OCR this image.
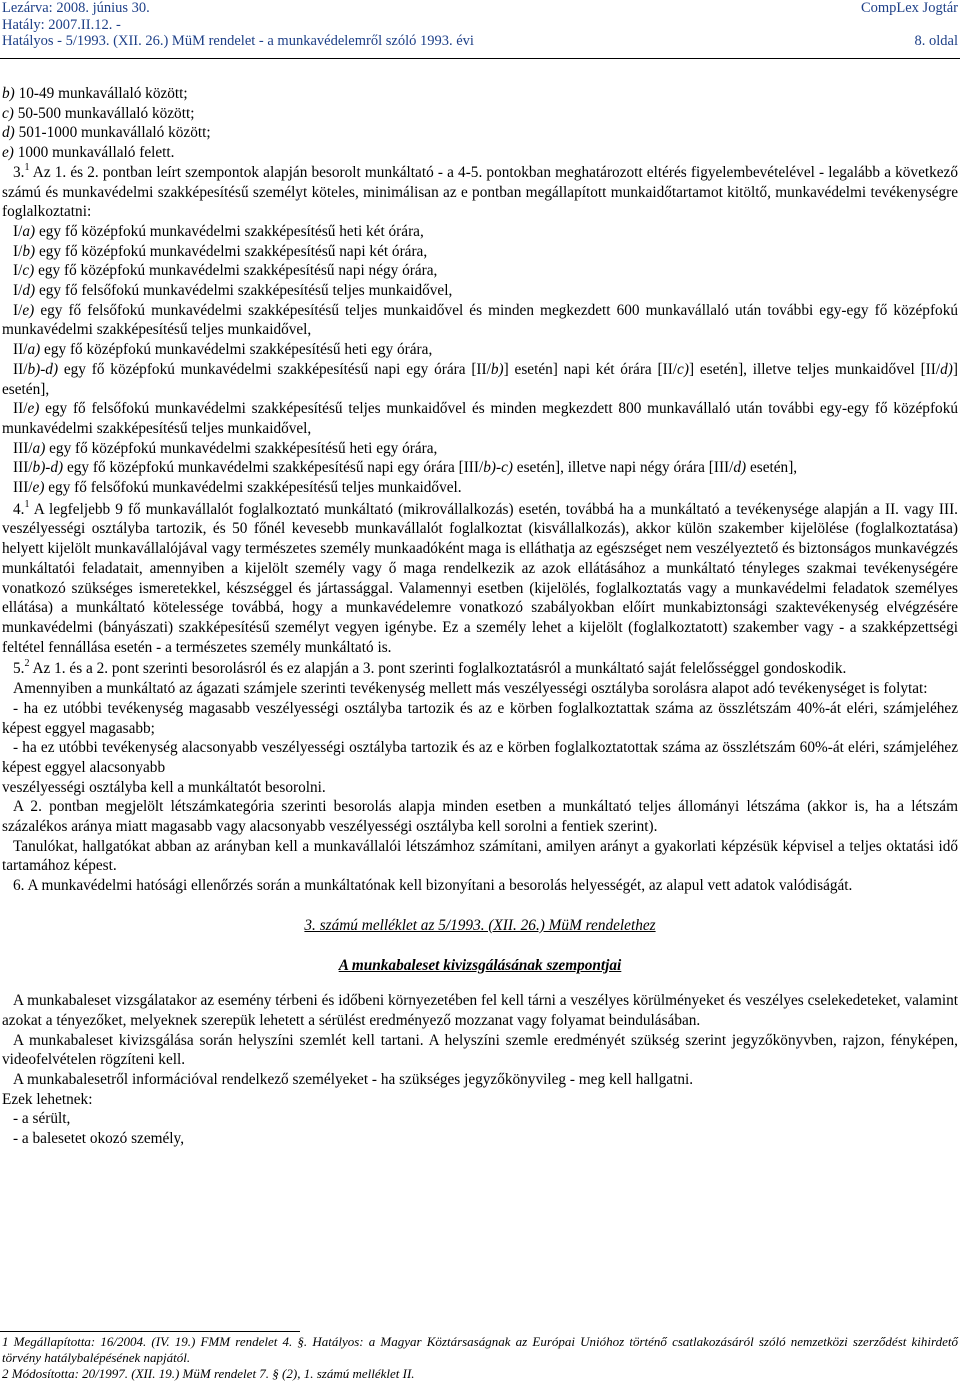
Lezárva: 2008. június 30.	CompLex Jogtár
Hatály: 2007.II.12. -
Hatályos - 5/1993. (XII. 26.) MüM rendelet - a munkavédelemről szóló 1993. évi	8. oldal

b) 10-49 munkavállaló között;

c) 50-500 munkavállaló között;

d) 501-1000 munkavállaló között;

e) 1000 munkavállaló felett.

3.$^1$ Az 1. és 2. pontban leírt szempontok alapján besorolt munkáltató - a 4-5. pontokban meghatározott eltérés figyelembevételével - legalább a következő számú és munkavédelmi szakképesítésű személyt köteles, minimálisan az e pontban megállapított munkaidőtartamot kitöltő, munkavédelmi tevékenységre foglalkoztatni:

I/a) egy fő középfokú munkavédelmi szakképesítésű heti két órára,

I/b) egy fő középfokú munkavédelmi szakképesítésű napi két órára,

I/c) egy fő középfokú munkavédelmi szakképesítésű napi négy órára,

I/d) egy fő felsőfokú munkavédelmi szakképesítésű teljes munkaidővel,

I/e) egy fő felsőfokú munkavédelmi szakképesítésű teljes munkaidővel és minden megkezdett 600 munkavállaló után további egy-egy fő középfokú munkavédelmi szakképesítésű teljes munkaidővel,

II/a) egy fő középfokú munkavédelmi szakképesítésű heti egy órára,

II/b)-d) egy fő középfokú munkavédelmi szakképesítésű napi egy órára [II/b)] esetén] napi két órára [II/c)] esetén], illetve teljes munkaidővel [II/d)] esetén],

II/e) egy fő felsőfokú munkavédelmi szakképesítésű teljes munkaidővel és minden megkezdett 800 munkavállaló után további egy-egy fő középfokú munkavédelmi szakképesítésű teljes munkaidővel,

III/a) egy fő középfokú munkavédelmi szakképesítésű heti egy órára,

III/b)-d) egy fő középfokú munkavédelmi szakképesítésű napi egy órára [III/b)-c) esetén], illetve napi négy órára [III/d) esetén],

III/e) egy fő felsőfokú munkavédelmi szakképesítésű teljes munkaidővel.

4.$^1$ A legfeljebb 9 fő munkavállalót foglalkoztató munkáltató (mikrovállalkozás) esetén, továbbá ha a munkáltató a tevékenysége alapján a II. vagy III. veszélyességi osztályba tartozik, és 50 főnél kevesebb munkavállalót foglalkoztat (kisvállalkozás), akkor külön szakember kijelölése (foglalkoztatása) helyett kijelölt munkavállalójával vagy természetes személy munkaadóként maga is elláthatja az egészséget nem veszélyeztető és biztonságos munkavégzés munkáltatói feladatait, amennyiben a kijelölt személy vagy ő maga rendelkezik az azok ellátásához a munkáltató tényleges szakmai tevékenységére vonatkozó szükséges ismeretekkel, készséggel és jártassággal. Valamennyi esetben (kijelölés, foglalkoztatás vagy a munkavédelmi feladatok személyes ellátása) a munkáltató kötelessége továbbá, hogy a munkavédelemre vonatkozó szabályokban előírt munkabiztonsági szaktevékenység elvégzésére munkavédelmi (bányászati) szakképesítésű személyt vegyen igénybe. Ez a személy lehet a kijelölt (foglalkoztatott) szakember vagy - a szakképzettségi feltétel fennállása esetén - a természetes személy munkáltató is.

5.$^2$ Az 1. és a 2. pont szerinti besorolásról és ez alapján a 3. pont szerinti foglalkoztatásról a munkáltató saját felelősséggel gondoskodik.

Amennyiben a munkáltató az ágazati számjele szerinti tevékenység mellett más veszélyességi osztályba sorolásra alapot adó tevékenységet is folytat:

- ha ez utóbbi tevékenység magasabb veszélyességi osztályba tartozik és az e körben foglalkoztattak száma az összlétszám 40%-át eléri, számjeléhez képest eggyel magasabb;

- ha ez utóbbi tevékenység alacsonyabb veszélyességi osztályba tartozik és az e körben foglalkoztatottak száma az összlétszám 60%-át eléri, számjeléhez képest eggyel alacsonyabb

veszélyességi osztályba kell a munkáltatót besorolni.

A 2. pontban megjelölt létszámkategória szerinti besorolás alapja minden esetben a munkáltató teljes állományi létszáma (akkor is, ha a létszám százalékos aránya miatt magasabb vagy alacsonyabb veszélyességi osztályba kell sorolni a fentiek szerint).

Tanulókat, hallgatókat abban az arányban kell a munkavállalói létszámhoz számítani, amilyen arányt a gyakorlati képzésük képvisel a teljes oktatási idő tartamához képest.

6. A munkavédelmi hatósági ellenőrzés során a munkáltatónak kell bizonyítani a besorolás helyességét, az alapul vett adatok valódiságát.

3. számú melléklet az 5/1993. (XII. 26.) MüM rendelethez

A munkabaleset kivizsgálásának szempontjai

A munkabaleset vizsgálatakor az esemény térbeni és időbeni környezetében fel kell tárni a veszélyes körülményeket és veszélyes cselekedeteket, valamint azokat a tényezőket, melyeknek szerepük lehetett a sérülést eredményező mozzanat vagy folyamat beindulásában.

A munkabaleset kivizsgálása során helyszíni szemlét kell tartani. A helyszíni szemle eredményét szükség szerint jegyzőkönyvben, rajzon, fényképen, videofelvételen rögzíteni kell.

A munkabalesetről információval rendelkező személyeket - ha szükséges jegyzőkönyvileg - meg kell hallgatni.

Ezek lehetnek:

- a sérült,

- a balesetet okozó személy,

1 Megállapította: 16/2004. (IV. 19.) FMM rendelet 4. §. Hatályos: a Magyar Köztársaságnak az Európai Unióhoz történő csatlakozásáról szóló nemzetközi szerződést kihirdető törvény hatálybalépésének napjától.

2 Módosította: 20/1997. (XII. 19.) MüM rendelet 7. § (2), 1. számú melléklet II.
